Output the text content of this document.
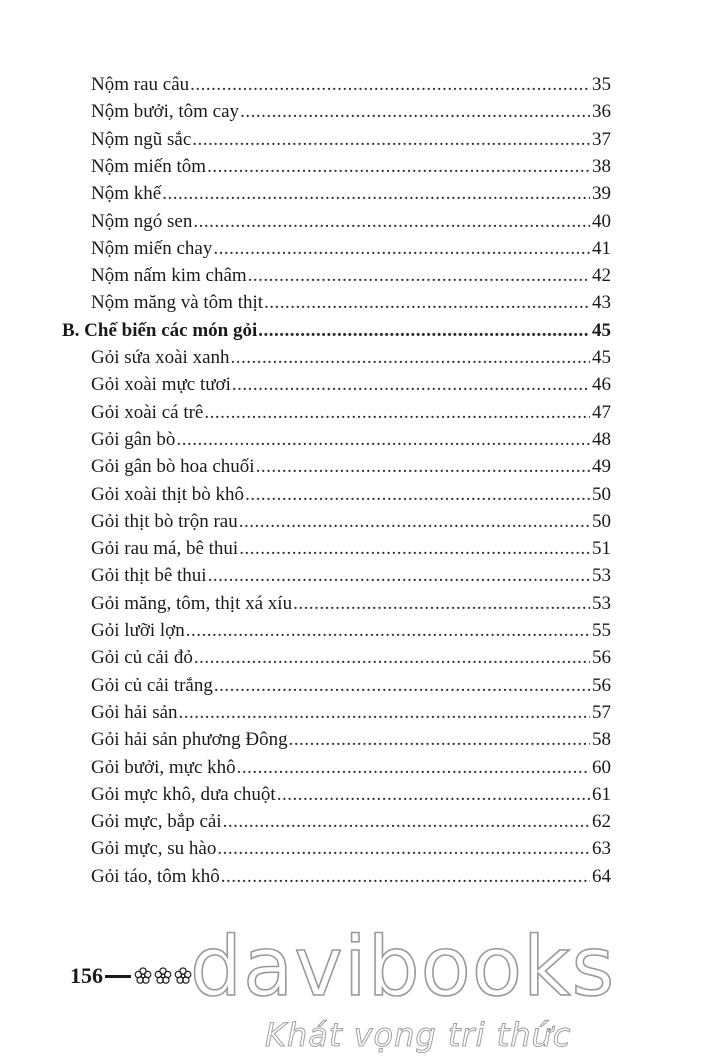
Nộm rau câu .....	35
Nộm bưởi, tôm cay .....	36
Nộm ngũ sắc .....	37
Nộm miến tôm .....	38
Nộm khế .....	39
Nộm ngó sen .....	40
Nộm miến chay .....	41
Nộm nấm kim châm .....	42
Nộm măng và tôm thịt .....	43
B. Chế biến các món gỏi .....	45
Gỏi sứa xoài xanh .....	45
Gỏi xoài mực tươi .....	46
Gỏi xoài cá trê .....	47
Gỏi gân bò .....	48
Gỏi gân bò hoa chuối .....	49
Gỏi xoài thịt bò khô .....	50
Gỏi thịt bò trộn rau .....	50
Gỏi rau má, bê thui .....	51
Gỏi thịt bê thui .....	53
Gỏi măng, tôm, thịt xá xíu .....	53
Gỏi lưỡi lợn .....	55
Gỏi củ cải đỏ .....	56
Gỏi củ cải trắng .....	56
Gỏi hải sản .....	57
Gỏi hải sản phương Đông .....	58
Gỏi bưởi, mực khô .....	60
Gỏi mực khô, dưa chuột .....	61
Gỏi mực, bắp cải .....	62
Gỏi mực, su hào .....	63
Gỏi táo, tôm khô .....	64
156 davibooks
Khát vọng tri thức
